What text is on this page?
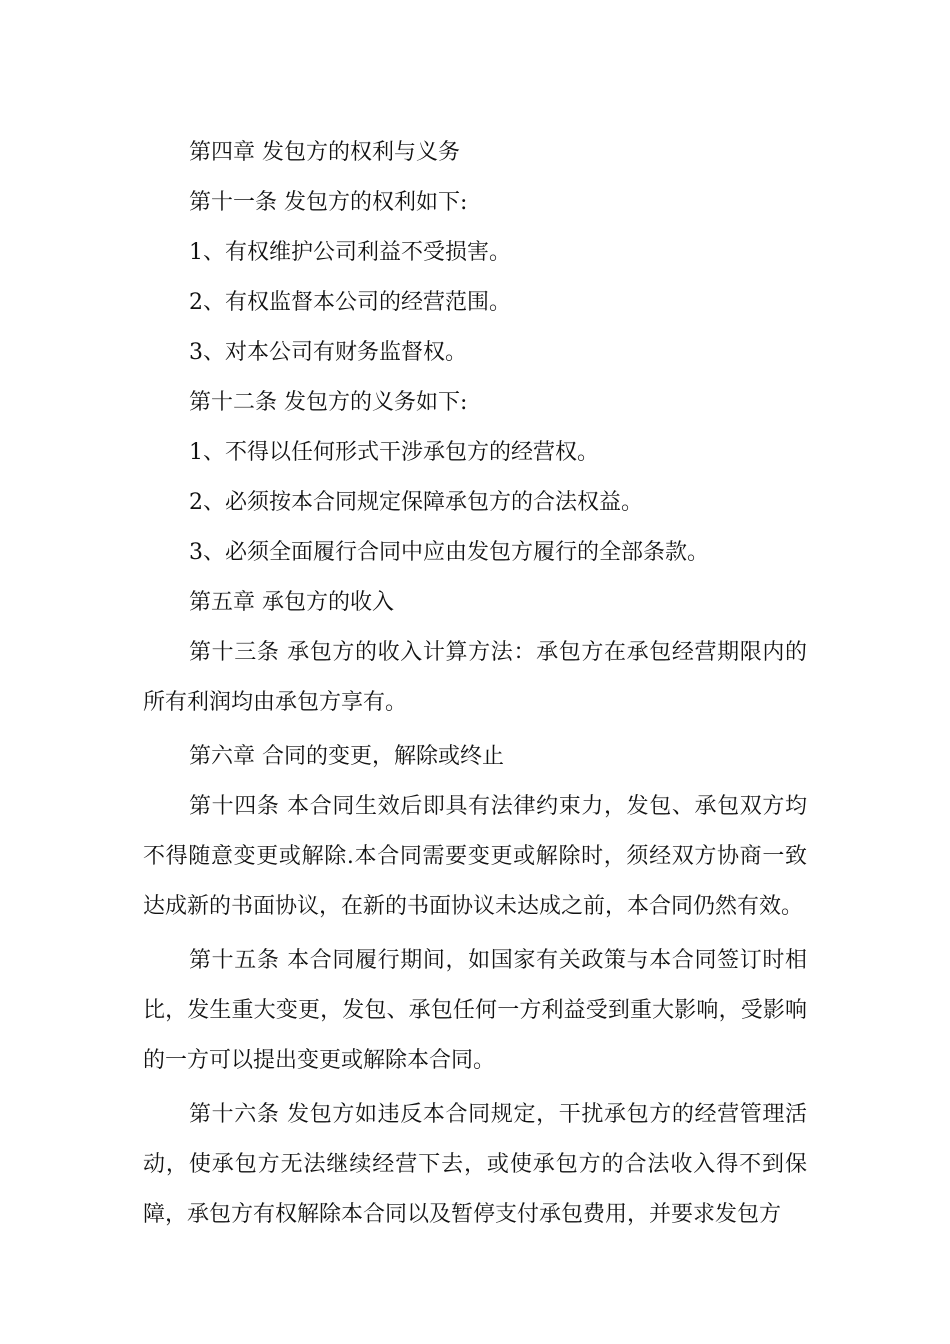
第四章 发包方的权利与义务

第十一条 发包方的权利如下:

1、有权维护公司利益不受损害。

2、有权监督本公司的经营范围。

3、对本公司有财务监督权。

第十二条 发包方的义务如下:

1、不得以任何形式干涉承包方的经营权。

2、必须按本合同规定保障承包方的合法权益。

3、必须全面履行合同中应由发包方履行的全部条款。

第五章 承包方的收入

第十三条 承包方的收入计算方法：承包方在承包经营期限内的所有利润均由承包方享有。

第六章 合同的变更，解除或终止

第十四条 本合同生效后即具有法律约束力，发包、承包双方均不得随意变更或解除.本合同需要变更或解除时，须经双方协商一致达成新的书面协议，在新的书面协议未达成之前，本合同仍然有效。

第十五条 本合同履行期间，如国家有关政策与本合同签订时相比，发生重大变更，发包、承包任何一方利益受到重大影响，受影响的一方可以提出变更或解除本合同。

第十六条 发包方如违反本合同规定，干扰承包方的经营管理活动，使承包方无法继续经营下去，或使承包方的合法收入得不到保障，承包方有权解除本合同以及暂停支付承包费用，并要求发包方
